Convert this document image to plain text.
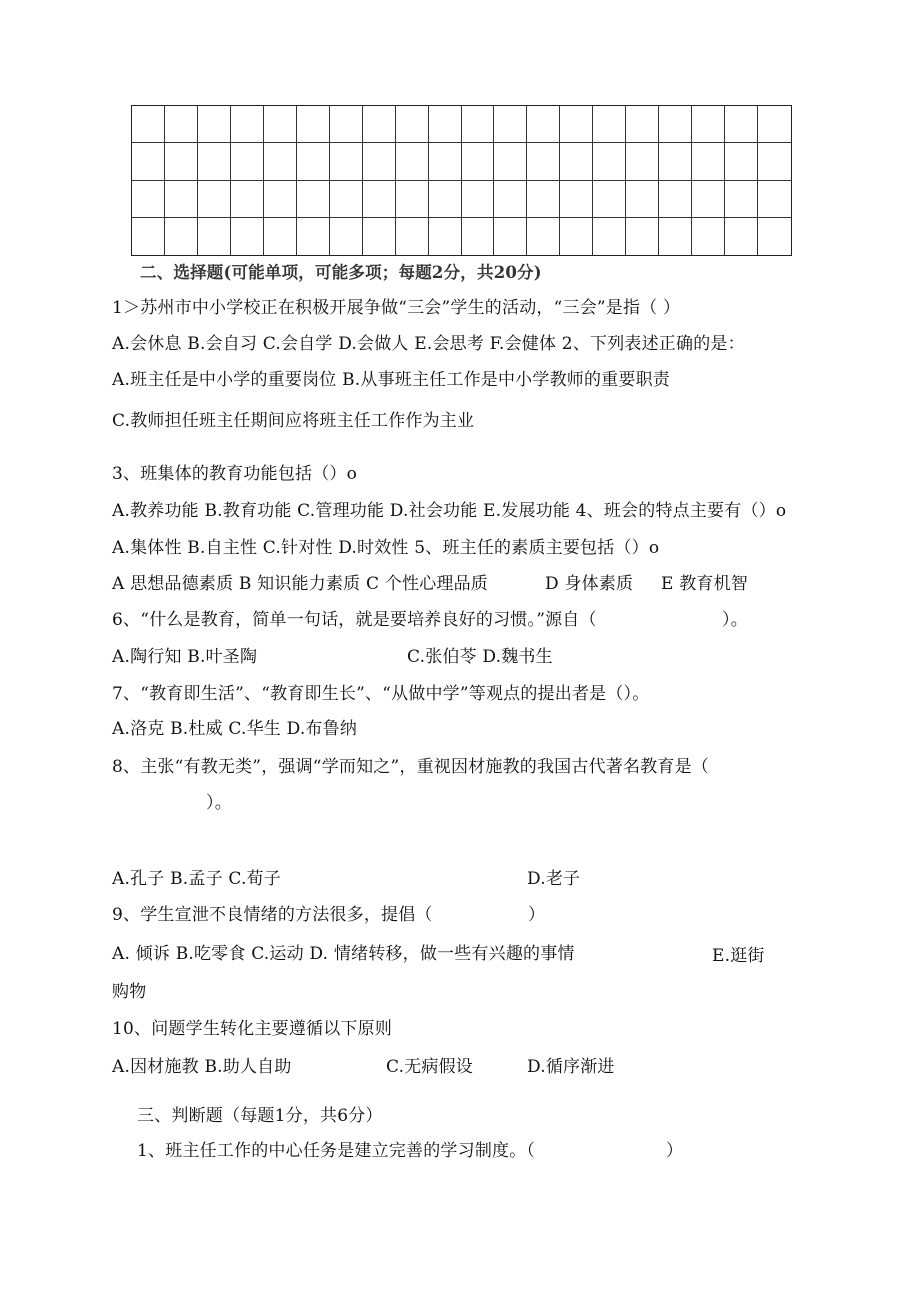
二、选择题(可能单项，可能多项；每题2分，共20分)
1＞苏州市中小学校正在积极开展争做“三会”学生的活动，“三会”是指（ ）
A.会休息 B.会自习 C.会自学 D.会做人 E.会思考 F.会健体 2、下列表述正确的是：
A.班主任是中小学的重要岗位 B.从事班主任工作是中小学教师的重要职责
C.教师担任班主任期间应将班主任工作作为主业
3、班集体的教育功能包括（）o
A.教养功能 B.教育功能 C.管理功能 D.社会功能 E.发展功能 4、班会的特点主要有（）o
A.集体性 B.自主性 C.针对性 D.时效性 5、班主任的素质主要包括（）o
A 思想品德素质 B 知识能力素质 C 个性心理品质	D 身体素质 E 教育机智
6、“什么是教育，简单一句话，就是要培养良好的习惯。”源自（	）。
A.陶行知 B.叶圣陶	C.张伯苓 D.魏书生
7、“教育即生活”、“教育即生长”、“从做中学”等观点的提出者是（）。
A.洛克 B.杜威 C.华生 D.布鲁纳
8、主张“有教无类”，强调“学而知之”，重视因材施教的我国古代著名教育是（
）。
A.孔子 B.孟子 C.荀子	D.老子
9、学生宣泄不良情绪的方法很多，提倡（	）
A. 倾诉 B.吃零食 C.运动 D. 情绪转移，做一些有兴趣的事情	E.逛街
购物
10、问题学生转化主要遵循以下原则
A.因材施教 B.助人自助	C.无病假设	D.循序渐进
三、判断题（每题1分，共6分）
1、班主任工作的中心任务是建立完善的学习制度。（	）
